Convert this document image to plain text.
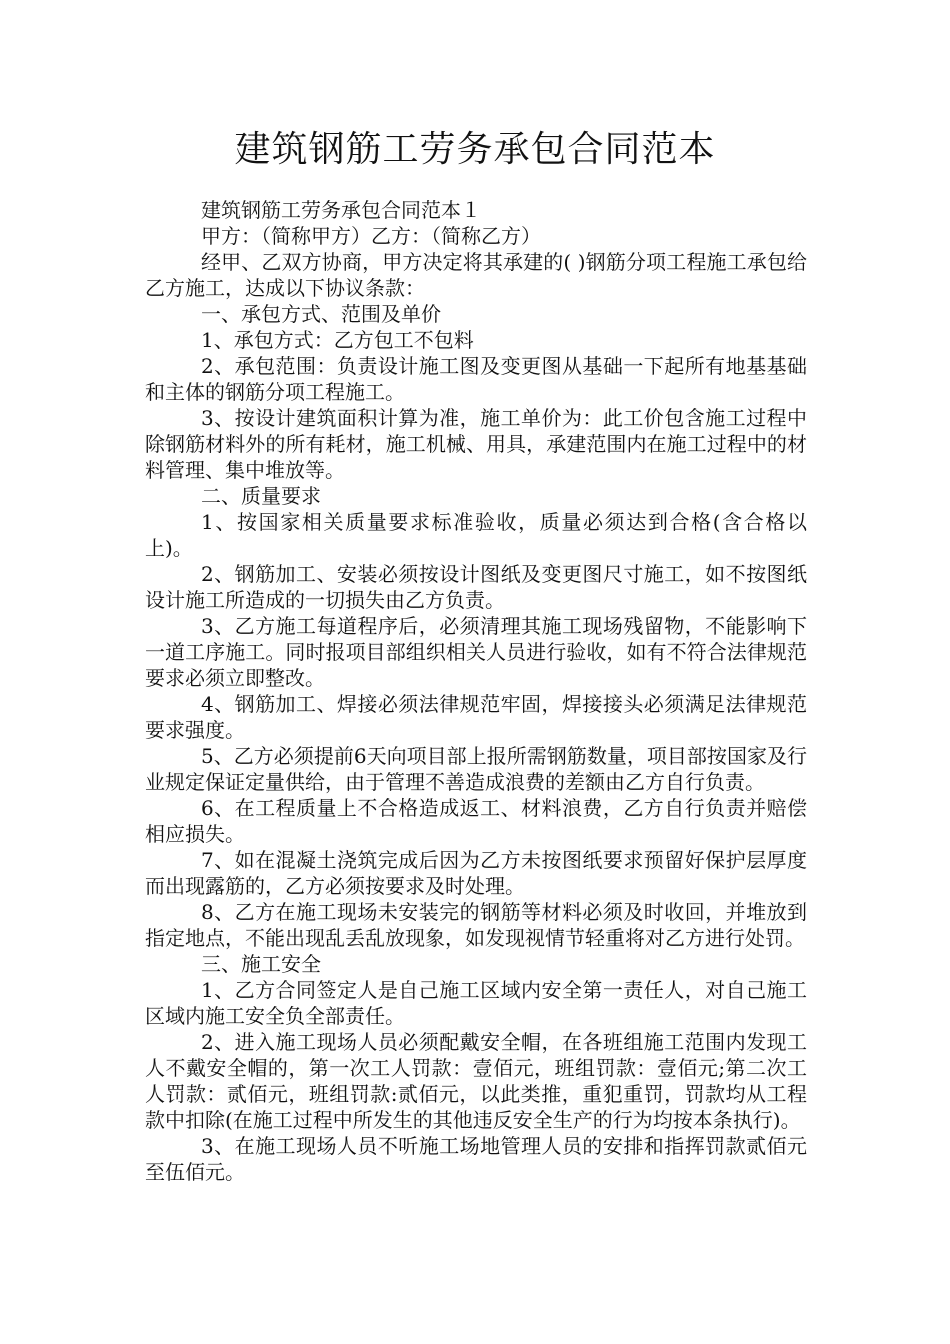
建筑钢筋工劳务承包合同范本

建筑钢筋工劳务承包合同范本１

甲方：（简称甲方）乙方：（简称乙方）

经甲、乙双方协商，甲方决定将其承建的( )钢筋分项工程施工承包给乙方施工，达成以下协议条款：

一、承包方式、范围及单价

1、承包方式：乙方包工不包料

2、承包范围：负责设计施工图及变更图从基础一下起所有地基基础和主体的钢筋分项工程施工。

3、按设计建筑面积计算为准，施工单价为：此工价包含施工过程中除钢筋材料外的所有耗材，施工机械、用具，承建范围内在施工过程中的材料管理、集中堆放等。

二、质量要求

1、按国家相关质量要求标准验收，质量必须达到合格(含合格以上)。

2、钢筋加工、安装必须按设计图纸及变更图尺寸施工，如不按图纸设计施工所造成的一切损失由乙方负责。

3、乙方施工每道程序后，必须清理其施工现场残留物，不能影响下一道工序施工。同时报项目部组织相关人员进行验收，如有不符合法律规范要求必须立即整改。

4、钢筋加工、焊接必须法律规范牢固，焊接接头必须满足法律规范要求强度。

5、乙方必须提前6天向项目部上报所需钢筋数量，项目部按国家及行业规定保证定量供给，由于管理不善造成浪费的差额由乙方自行负责。

6、在工程质量上不合格造成返工、材料浪费，乙方自行负责并赔偿相应损失。

7、如在混凝土浇筑完成后因为乙方未按图纸要求预留好保护层厚度而出现露筋的，乙方必须按要求及时处理。

8、乙方在施工现场未安装完的钢筋等材料必须及时收回，并堆放到指定地点，不能出现乱丢乱放现象，如发现视情节轻重将对乙方进行处罚。

三、施工安全

1、乙方合同签定人是自己施工区域内安全第一责任人，对自己施工区域内施工安全负全部责任。

2、进入施工现场人员必须配戴安全帽，在各班组施工范围内发现工人不戴安全帽的，第一次工人罚款：壹佰元，班组罚款：壹佰元;第二次工人罚款：贰佰元，班组罚款:贰佰元，以此类推，重犯重罚，罚款均从工程款中扣除(在施工过程中所发生的其他违反安全生产的行为均按本条执行)。

3、在施工现场人员不听施工场地管理人员的安排和指挥罚款贰佰元至伍佰元。
